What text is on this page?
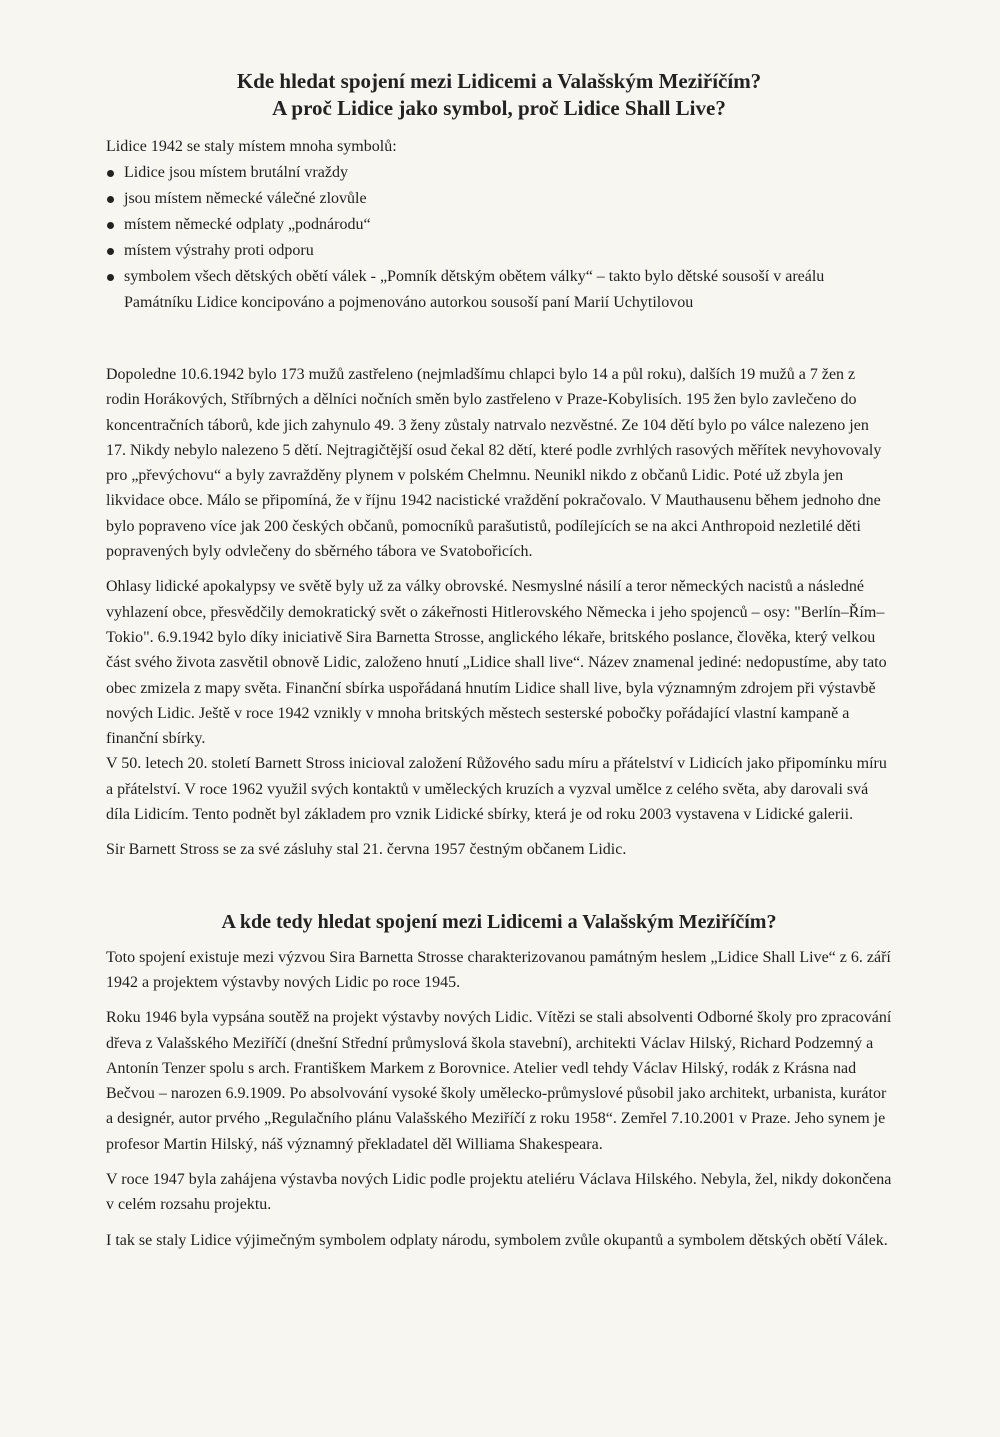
Kde hledat spojení mezi Lidicemi a Valašským Meziříčím?
A proč Lidice jako symbol, proč Lidice Shall Live?
Lidice 1942 se staly místem mnoha symbolů:
Lidice jsou místem brutální vraždy
jsou místem německé válečné zlovůle
místem německé odplaty „podnárodu“
místem výstrahy proti odporu
symbolem všech dětských obětí válek - „Pomník dětským obětem války“ – takto bylo dětské sousoší v areálu Památníku Lidice koncipováno a pojmenováno autorkou sousoší paní Marií Uchytilovou

Dopoledne 10.6.1942 bylo 173 mužů zastřeleno (nejmladšímu chlapci bylo 14 a půl roku), dalších 19 mužů a 7 žen z rodin Horákových, Stříbrných a dělníci nočních směn bylo zastřeleno v Praze-Kobylisích. 195 žen bylo zavlečeno do koncentračních táborů, kde jich zahynulo 49. 3 ženy zůstaly natrvalo nezvěstné. Ze 104 dětí bylo po válce nalezeno jen 17. Nikdy nebylo nalezeno 5 dětí. Nejtragičtější osud čekal 82 dětí, které podle zvrhlých rasových měřítek nevyhovovaly pro „převýchovu“ a byly zavražděny plynem v polském Chelmnu. Neunikl nikdo z občanů Lidic. Poté už zbyla jen likvidace obce. Málo se připomíná, že v říjnu 1942 nacistické vraždění pokračovalo. V Mauthausenu během jednoho dne bylo popraveno více jak 200 českých občanů, pomocníků parašutistů, podílejících se na akci Anthropoid nezletilé děti popravených byly odvlečeny do sběrného tábora ve Svatobořicích.

Ohlasy lidické apokalypsy ve světě byly už za války obrovské. Nesmyslné násilí a teror německých nacistů a následné vyhlazení obce, přesvědčily demokratický svět o zákeřnosti Hitlerovského Německa i jeho spojenců – osy: "Berlín–Řím–Tokio". 6.9.1942 bylo díky iniciativě Sira Barnetta Strosse, anglického lékaře, britského poslance, člověka, který velkou část svého života zasvětil obnově Lidic, založeno hnutí „Lidice shall live“. Název znamenal jediné: nedopustíme, aby tato obec zmizela z mapy světa. Finanční sbírka uspořádaná hnutím Lidice shall live, byla významným zdrojem při výstavbě nových Lidic. Ještě v roce 1942 vznikly v mnoha britských městech sesterské pobočky pořádající vlastní kampaně a finanční sbírky.
V 50. letech 20. století Barnett Stross inicioval založení Růžového sadu míru a přátelství v Lidicích jako připomínku míru a přátelství. V roce 1962 využil svých kontaktů v uměleckých kruzích a vyzval umělce z celého světa, aby darovali svá díla Lidicím. Tento podnět byl základem pro vznik Lidické sbírky, která je od roku 2003 vystavena v Lidické galerii.

Sir Barnett Stross se za své zásluhy stal 21. června 1957 čestným občanem Lidic.

A kde tedy hledat spojení mezi Lidicemi a Valašským Meziříčím?

Toto spojení existuje mezi výzvou Sira Barnetta Strosse charakterizovanou památným heslem „Lidice Shall Live“ z 6. září 1942 a projektem výstavby nových Lidic po roce 1945.

Roku 1946 byla vypsána soutěž na projekt výstavby nových Lidic. Vítězi se stali absolventi Odborné školy pro zpracování dřeva z Valašského Meziříčí (dnešní Střední průmyslová škola stavební), architekti Václav Hilský, Richard Podzemný a Antonín Tenzer spolu s arch. Františkem Markem z Borovnice. Atelier vedl tehdy Václav Hilský, rodák z Krásna nad Bečvou – narozen 6.9.1909. Po absolvování vysoké školy umělecko-průmyslové působil jako architekt, urbanista, kurátor a designér, autor prvého „Regulačního plánu Valašského Meziříčí z roku 1958“. Zemřel 7.10.2001 v Praze. Jeho synem je profesor Martin Hilský, náš významný překladatel děl Williama Shakespeara.

V roce 1947 byla zahájena výstavba nových Lidic podle projektu ateliéru Václava Hilského. Nebyla, žel, nikdy dokončena v celém rozsahu projektu.

I tak se staly Lidice výjimečným symbolem odplaty národu, symbolem zvůle okupantů a symbolem dětských obětí Válek.
